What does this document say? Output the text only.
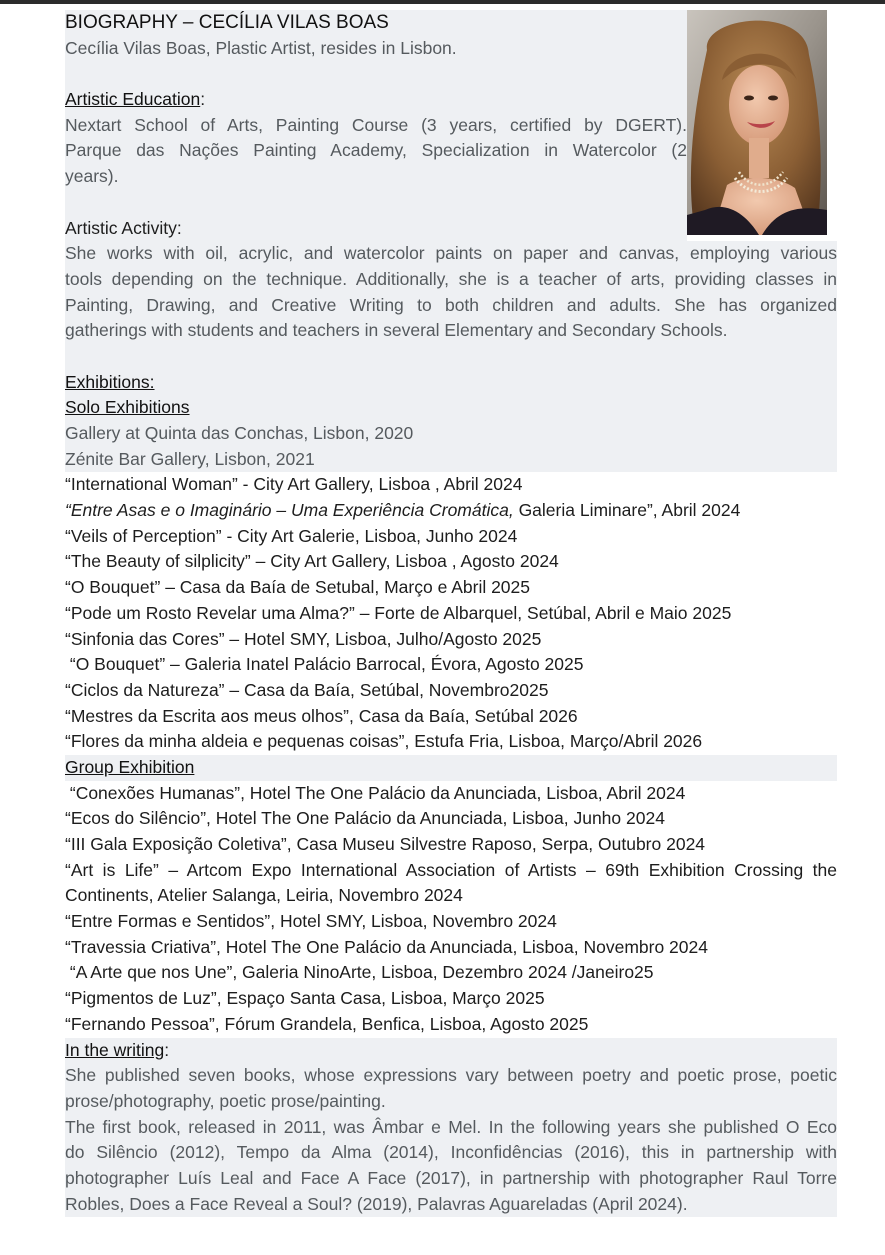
BIOGRAPHY – CECÍLIA VILAS BOAS
Cecília Vilas Boas, Plastic Artist, resides in Lisbon.
Artistic Education:
Nextart School of Arts, Painting Course (3 years, certified by DGERT).
Parque das Nações Painting Academy, Specialization in Watercolor (2
years).
Artistic Activity:
She works with oil, acrylic, and watercolor paints on paper and canvas, employing various
tools depending on the technique. Additionally, she is a teacher of arts, providing classes in
Painting, Drawing, and Creative Writing to both children and adults. She has organized
gatherings with students and teachers in several Elementary and Secondary Schools.
Exhibitions:
Solo Exhibitions
Gallery at Quinta das Conchas, Lisbon, 2020
Zénite Bar Gallery, Lisbon, 2021
“International Woman” - City Art Gallery, Lisboa , Abril 2024
“Entre Asas e o Imaginário – Uma Experiência Cromática, Galeria Liminare”, Abril 2024
“Veils of Perception” - City Art Galerie, Lisboa, Junho 2024
“The Beauty of silplicity” – City Art Gallery, Lisboa , Agosto 2024
“O Bouquet” – Casa da Baía de Setubal, Março e Abril 2025
“Pode um Rosto Revelar uma Alma?” – Forte de Albarquel, Setúbal, Abril e Maio 2025
“Sinfonia das Cores” – Hotel SMY, Lisboa, Julho/Agosto 2025
“O Bouquet” – Galeria Inatel Palácio Barrocal, Évora, Agosto 2025
“Ciclos da Natureza” – Casa da Baía, Setúbal, Novembro2025
“Mestres da Escrita aos meus olhos”, Casa da Baía, Setúbal 2026
“Flores da minha aldeia e pequenas coisas”, Estufa Fria, Lisboa, Março/Abril 2026
Group Exhibition
“Conexões Humanas”, Hotel The One Palácio da Anunciada, Lisboa, Abril 2024
“Ecos do Silêncio”, Hotel The One Palácio da Anunciada, Lisboa, Junho 2024
“III Gala Exposição Coletiva”, Casa Museu Silvestre Raposo, Serpa, Outubro 2024
“Art is Life” – Artcom Expo International Association of Artists – 69th Exhibition Crossing the
Continents, Atelier Salanga, Leiria, Novembro 2024
“Entre Formas e Sentidos”, Hotel SMY, Lisboa, Novembro 2024
“Travessia Criativa”, Hotel The One Palácio da Anunciada, Lisboa, Novembro 2024
“A Arte que nos Une”, Galeria NinoArte, Lisboa, Dezembro 2024 /Janeiro25
“Pigmentos de Luz”, Espaço Santa Casa, Lisboa, Março 2025
“Fernando Pessoa”, Fórum Grandela, Benfica, Lisboa, Agosto 2025
In the writing:
She published seven books, whose expressions vary between poetry and poetic prose, poetic
prose/photography, poetic prose/painting.
The first book, released in 2011, was Âmbar e Mel. In the following years she published O Eco
do Silêncio (2012), Tempo da Alma (2014), Inconfidências (2016), this in partnership with
photographer Luís Leal and Face A Face (2017), in partnership with photographer Raul Torre
Robles, Does a Face Reveal a Soul? (2019), Palavras Aguareladas (April 2024).
